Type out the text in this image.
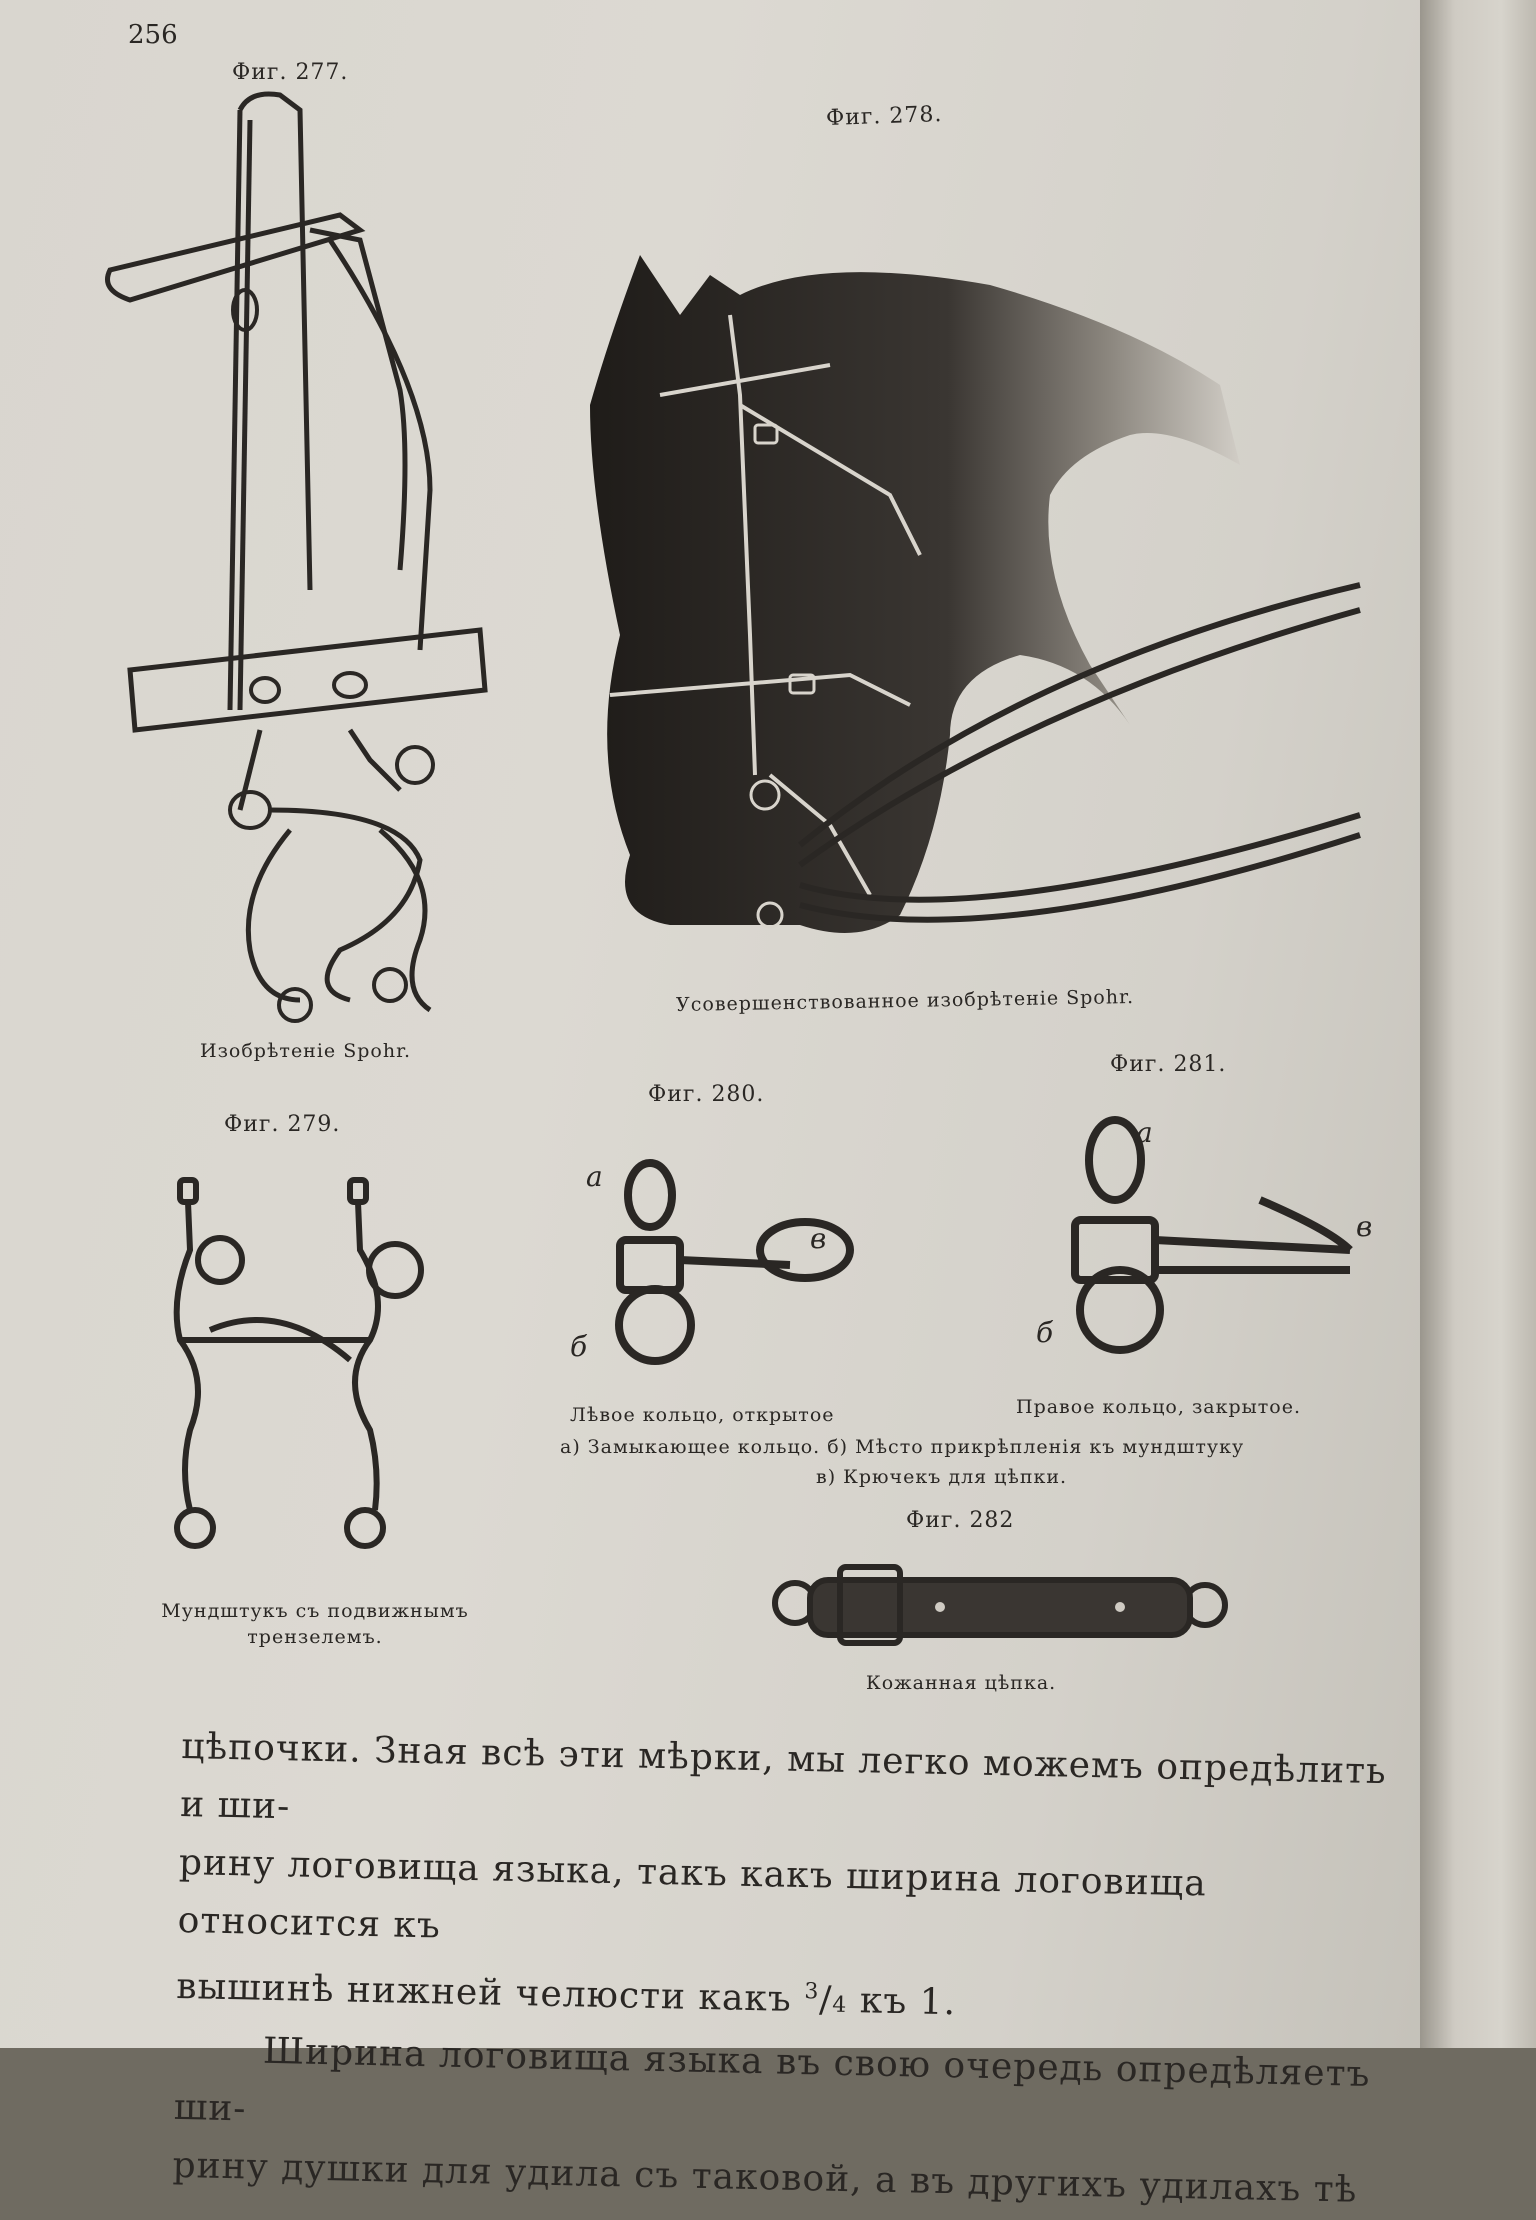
256
Фиг. 277.
Изобрѣтеніе Spohr.
Фиг. 278.
Усовершенствованное изобрѣтеніе Spohr.
Фиг. 279.
Мундштукъ съ подвижнымъ
трензелемъ.
Фиг. 280.
а
в
б
Лѣвое кольцо, открытое
Фиг. 281.
а
в
б
Правое кольцо, закрытое.
а) Замыкающее кольцо. б) Мѣсто прикрѣпленія къ мундштуку
в) Крючекъ для цѣпки.
Фиг. 282
Кожанная цѣпка.

цѣпочки. Зная всѣ эти мѣрки, мы легко можемъ опредѣлить и ши-

рину логовища языка, такъ какъ ширина логовища относится къ

вышинѣ нижней челюсти какъ $^3$/4 къ 1.

Ширина логовища языка въ свою очередь опредѣляетъ ши-

рину душки для удила съ таковой, а въ другихъ удилахъ тѣ
